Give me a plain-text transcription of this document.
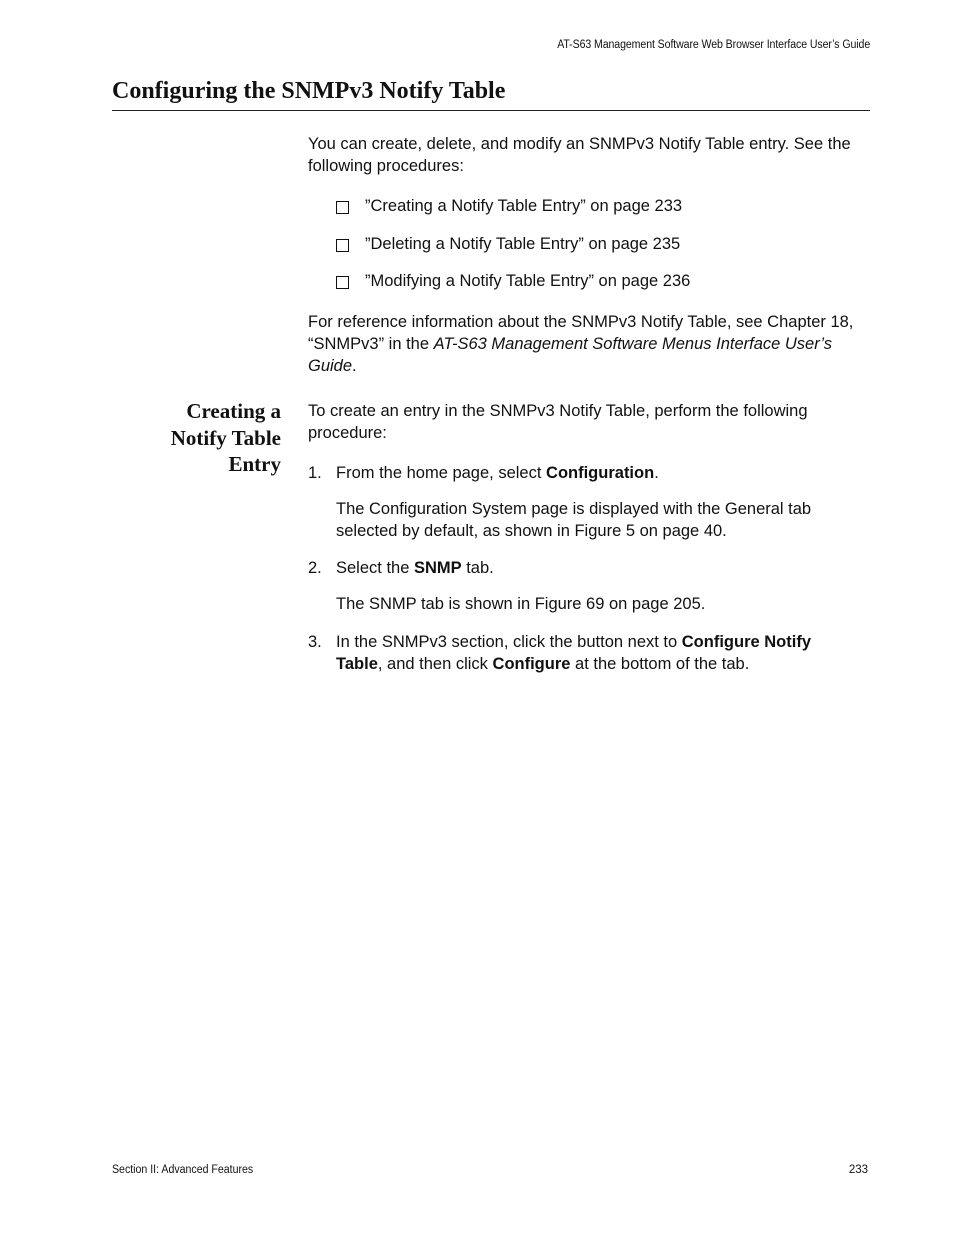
AT-S63 Management Software Web Browser Interface User’s Guide
Configuring the SNMPv3 Notify Table

You can create, delete, and modify an SNMPv3 Notify Table entry. See the following procedures:

”Creating a Notify Table Entry” on page 233
”Deleting a Notify Table Entry” on page 235
”Modifying a Notify Table Entry” on page 236

For reference information about the SNMPv3 Notify Table, see Chapter 18, “SNMPv3” in the AT-S63 Management Software Menus Interface User’s Guide.

Creating a
Notify Table
Entry

To create an entry in the SNMPv3 Notify Table, perform the following procedure:

1. From the home page, select Configuration.

The Configuration System page is displayed with the General tab selected by default, as shown in Figure 5 on page 40.

2. Select the SNMP tab.

The SNMP tab is shown in Figure 69 on page 205.

3. In the SNMPv3 section, click the button next to Configure Notify Table, and then click Configure at the bottom of the tab.

Section II: Advanced Features	233
